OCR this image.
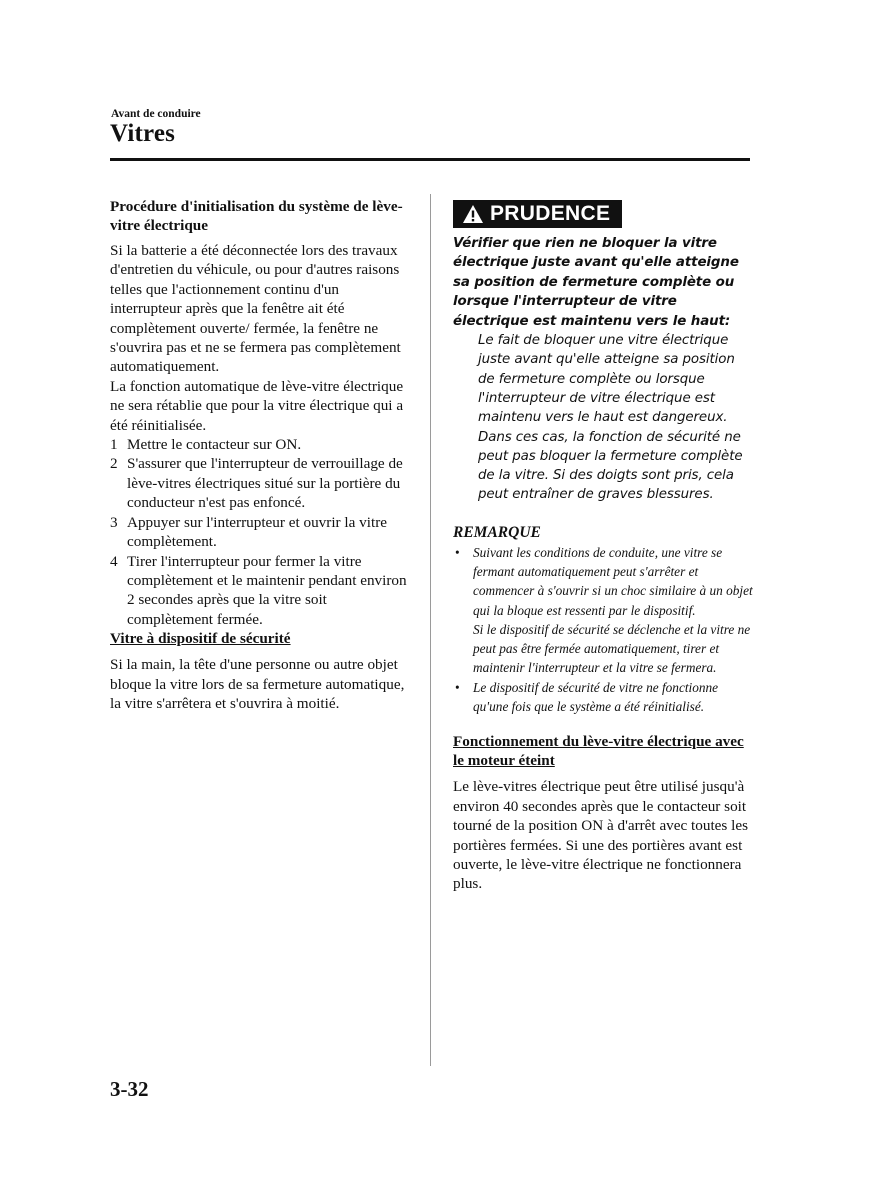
Avant de conduire
Vitres

Procédure d'initialisation du système de lève-vitre électrique

Si la batterie a été déconnectée lors des travaux d'entretien du véhicule, ou pour d'autres raisons telles que l'actionnement continu d'un interrupteur après que la fenêtre ait été complètement ouverte/ fermée, la fenêtre ne s'ouvrira pas et ne se fermera pas complètement automatiquement.

La fonction automatique de lève-vitre électrique ne sera rétablie que pour la vitre électrique qui a été réinitialisée.

1 Mettre le contacteur sur ON.
2 S'assurer que l'interrupteur de verrouillage de lève-vitres électriques situé sur la portière du conducteur n'est pas enfoncé.
3 Appuyer sur l'interrupteur et ouvrir la vitre complètement.
4 Tirer l'interrupteur pour fermer la vitre complètement et le maintenir pendant environ 2 secondes après que la vitre soit complètement fermée.

Vitre à dispositif de sécurité

Si la main, la tête d'une personne ou autre objet bloque la vitre lors de sa fermeture automatique, la vitre s'arrêtera et s'ouvrira à moitié.

PRUDENCE

Vérifier que rien ne bloquer la vitre électrique juste avant qu'elle atteigne sa position de fermeture complète ou lorsque l'interrupteur de vitre électrique est maintenu vers le haut:

Le fait de bloquer une vitre électrique juste avant qu'elle atteigne sa position de fermeture complète ou lorsque l'interrupteur de vitre électrique est maintenu vers le haut est dangereux.

Dans ces cas, la fonction de sécurité ne peut pas bloquer la fermeture complète de la vitre. Si des doigts sont pris, cela peut entraîner de graves blessures.

REMARQUE

• Suivant les conditions de conduite, une vitre se fermant automatiquement peut s'arrêter et commencer à s'ouvrir si un choc similaire à un objet qui la bloque est ressenti par le dispositif.
Si le dispositif de sécurité se déclenche et la vitre ne peut pas être fermée automatiquement, tirer et maintenir l'interrupteur et la vitre se fermera.
• Le dispositif de sécurité de vitre ne fonctionne qu'une fois que le système a été réinitialisé.

Fonctionnement du lève-vitre électrique avec le moteur éteint

Le lève-vitres électrique peut être utilisé jusqu'à environ 40 secondes après que le contacteur soit tourné de la position ON à d'arrêt avec toutes les portières fermées. Si une des portières avant est ouverte, le lève-vitre électrique ne fonctionnera plus.

3-32
